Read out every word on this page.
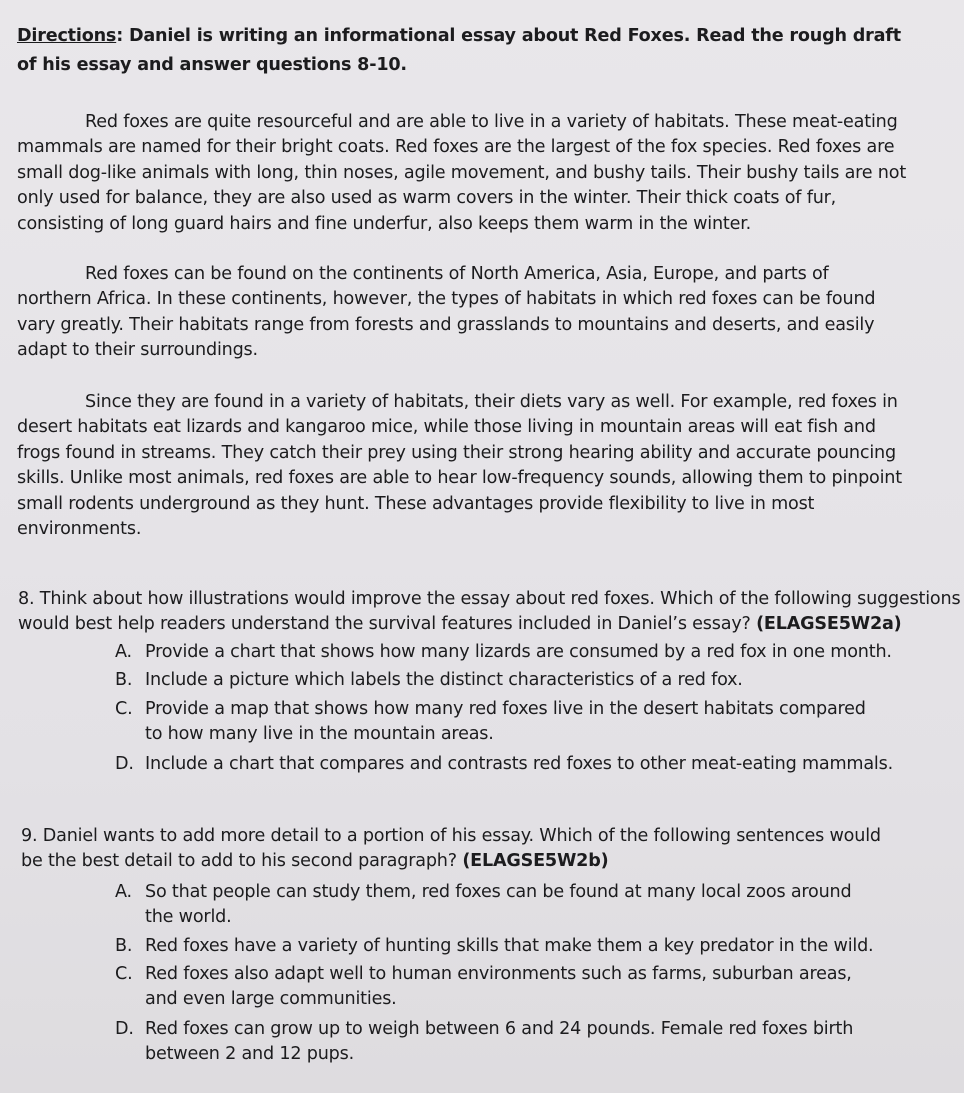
Directions: Daniel is writing an informational essay about Red Foxes. Read the rough draft of his essay and answer questions 8-10.

Red foxes are quite resourceful and are able to live in a variety of habitats. These meat-eating mammals are named for their bright coats. Red foxes are the largest of the fox species. Red foxes are small dog-like animals with long, thin noses, agile movement, and bushy tails. Their bushy tails are not only used for balance, they are also used as warm covers in the winter. Their thick coats of fur, consisting of long guard hairs and fine underfur, also keeps them warm in the winter.

Red foxes can be found on the continents of North America, Asia, Europe, and parts of northern Africa. In these continents, however, the types of habitats in which red foxes can be found vary greatly. Their habitats range from forests and grasslands to mountains and deserts, and easily adapt to their surroundings.

Since they are found in a variety of habitats, their diets vary as well. For example, red foxes in desert habitats eat lizards and kangaroo mice, while those living in mountain areas will eat fish and frogs found in streams. They catch their prey using their strong hearing ability and accurate pouncing skills. Unlike most animals, red foxes are able to hear low-frequency sounds, allowing them to pinpoint small rodents underground as they hunt. These advantages provide flexibility to live in most environments.

8. Think about how illustrations would improve the essay about red foxes. Which of the following suggestions would best help readers understand the survival features included in Daniel’s essay? (ELAGSE5W2a)
A. Provide a chart that shows how many lizards are consumed by a red fox in one month.
B. Include a picture which labels the distinct characteristics of a red fox.
C. Provide a map that shows how many red foxes live in the desert habitats compared to how many live in the mountain areas.
D. Include a chart that compares and contrasts red foxes to other meat-eating mammals.
9. Daniel wants to add more detail to a portion of his essay. Which of the following sentences would be the best detail to add to his second paragraph? (ELAGSE5W2b)
A. So that people can study them, red foxes can be found at many local zoos around the world.
B. Red foxes have a variety of hunting skills that make them a key predator in the wild.
C. Red foxes also adapt well to human environments such as farms, suburban areas, and even large communities.
D. Red foxes can grow up to weigh between 6 and 24 pounds. Female red foxes birth between 2 and 12 pups.
